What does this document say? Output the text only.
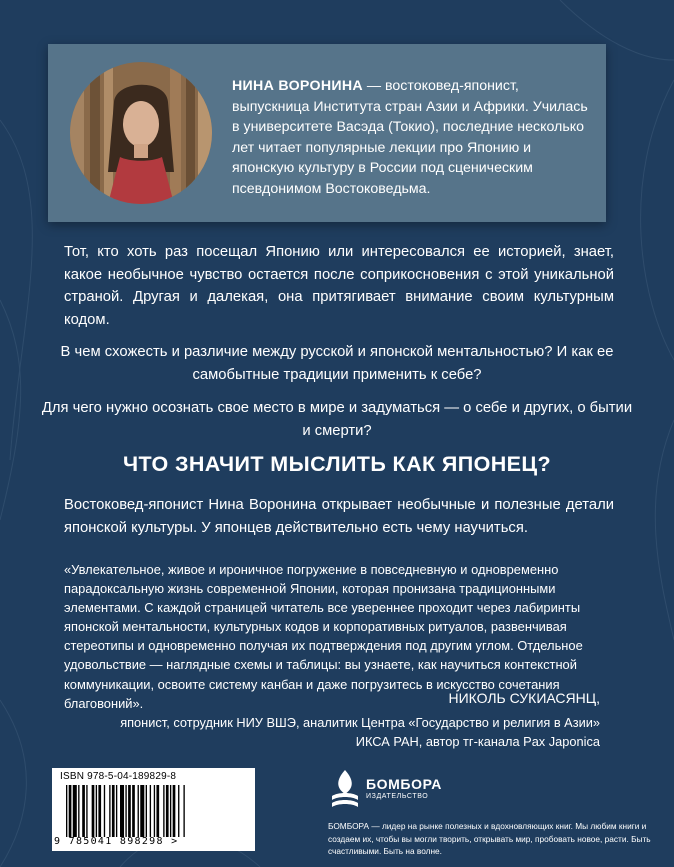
НИНА ВОРОНИНА — востоковед-японист, выпускница Института стран Азии и Африки. Училась в университете Васэда (Токио), последние несколько лет читает популярные лекции про Японию и японскую культуру в России под сценическим псевдонимом Востоковедьма.

Тот, кто хоть раз посещал Японию или интересовался ее историей, знает, какое необычное чувство остается после соприкосновения с этой уникальной страной. Другая и далекая, она притягивает внимание своим культурным кодом.

В чем схожесть и различие между русской и японской ментальностью? И как ее самобытные традиции применить к себе?

Для чего нужно осознать свое место в мире и задуматься — о себе и других, о бытии и смерти?

ЧТО ЗНАЧИТ МЫСЛИТЬ КАК ЯПОНЕЦ?

Востоковед-японист Нина Воронина открывает необычные и полезные детали японской культуры. У японцев действительно есть чему научиться.

«Увлекательное, живое и ироничное погружение в повседневную и одновременно парадоксальную жизнь современной Японии, которая пронизана традиционными элементами. С каждой страницей читатель все увереннее проходит через лабиринты японской ментальности, культурных кодов и корпоративных ритуалов, развенчивая стереотипы и одновременно получая их подтверждения под другим углом. Отдельное удовольствие — наглядные схемы и таблицы: вы узнаете, как научиться контекстной коммуникации, освоите систему канбан и даже погрузитесь в искусство сочетания благовоний».	НИКОЛЬ СУКИАСЯНЦ,

японист, сотрудник НИУ ВШЭ, аналитик Центра «Государство и религия в Азии»
ИКСА РАН, автор тг-канала Pax Japonica

ISBN 978-5-04-189829-8
9 785041 898298 >

БОМБОРА

ИЗДАТЕЛЬСТВО

БОМБОРА — лидер на рынке полезных и вдохновляющих книг. Мы любим книги и создаем их, чтобы вы могли творить, открывать мир, пробовать новое, расти. Быть счастливыми. Быть на волне.
